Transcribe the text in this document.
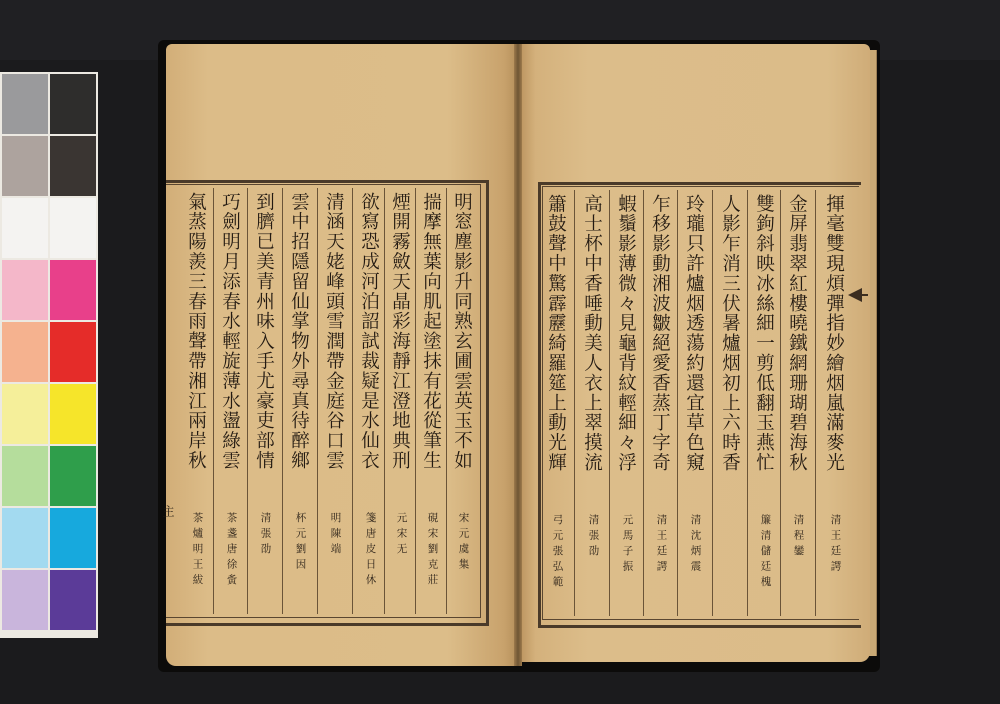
主
明窓塵影升同熟玄圃雲英玉不如
宋元虞集
揣摩無葉向肌起塗抹有花從筆生
硯宋劉克莊
煙開霧斂天晶彩海靜江澄地典刑
元宋无
欲寫恐成河泊詔試裁疑是水仙衣
箋唐皮日休
清涵天姥峰頭雪潤帶金庭谷口雲
明陳端
雲中招隱留仙掌物外尋真待醉鄉
杯元劉因
到臍已美青州味入手尤豪吏部情
清張劭
巧劍明月添春水輕旋薄水盪綠雲
茶盞唐徐夤
氣蒸陽羨三春雨聲帶湘江兩岸秋
茶爐明王紱
揮毫雙現煩彈指妙繪烟嵐滿麥光
清王廷諤
金屏翡翠紅樓曉鐵網珊瑚碧海秋
清程鑾
雙鉤斜映冰絲細一剪低翻玉燕忙
簾清儲廷槐
人影乍消三伏暑爐烟初上六時香
玲瓏只許爐烟透蕩約還宜草色窺
清沈炳震
乍移影動湘波皺絕愛香蒸丁字奇
清王廷諤
蝦鬚影薄微々見龜背紋輕細々浮
元馬子振
高士杯中香唾動美人衣上翠摸流
清張劭
簫鼓聲中驚霹靂綺羅筵上動光輝
弓元張弘範
